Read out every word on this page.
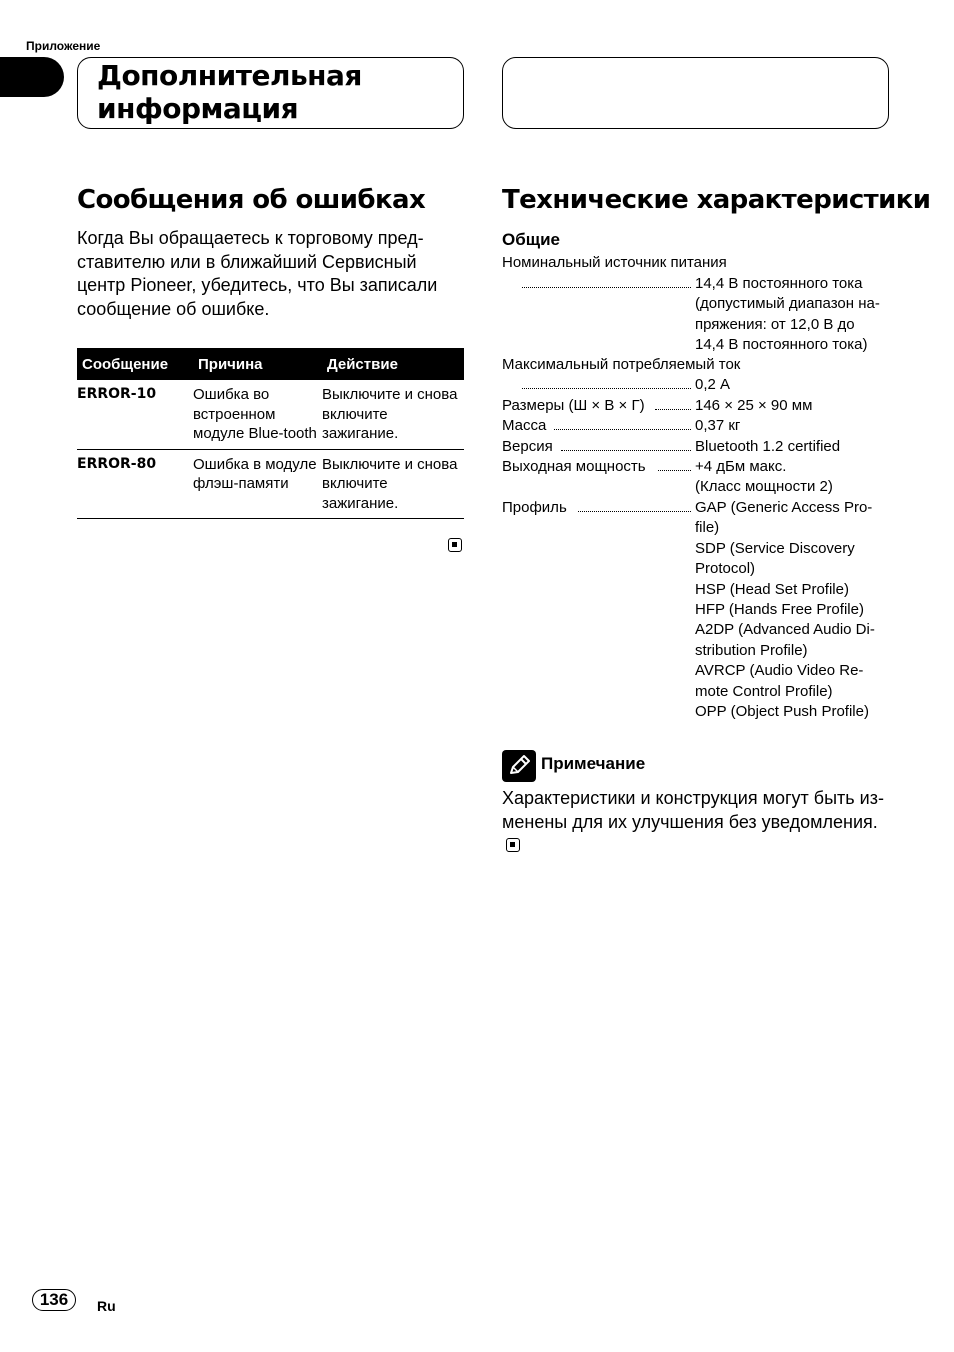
Приложение
Дополнительная
информация
Сообщения об ошибках
Когда Вы обращаетесь к торговому пред-ставителю или в ближайший Сервисный центр Pioneer, убедитесь, что Вы записали сообщение об ошибке.
Сообщение	Причина	Действие
ERROR-10	Ошибка во встроенном модуле Blue-tooth	Выключите и снова включите зажигание.
ERROR-80	Ошибка в модуле флэш-памяти	Выключите и снова включите зажигание.
Технические характеристики
Общие
Номинальный источник питания
14,4 В постоянного тока
(допустимый диапазон на-
пряжения: от 12,0 В до
14,4 В постоянного тока)
Максимальный потребляемый ток
0,2 А
Размеры (Ш × В × Г)	146 × 25 × 90 мм
Масса	0,37 кг
Версия	Bluetooth 1.2 certified
Выходная мощность	+4 дБм макс.
(Класс мощности 2)
Профиль	GAP (Generic Access Pro-
file)
SDP (Service Discovery
Protocol)
HSP (Head Set Profile)
HFP (Hands Free Profile)
A2DP (Advanced Audio Di-
stribution Profile)
AVRCP (Audio Video Re-
mote Control Profile)
OPP (Object Push Profile)
Примечание
Характеристики и конструкция могут быть из-менены для их улучшения без уведомления.
136	Ru
